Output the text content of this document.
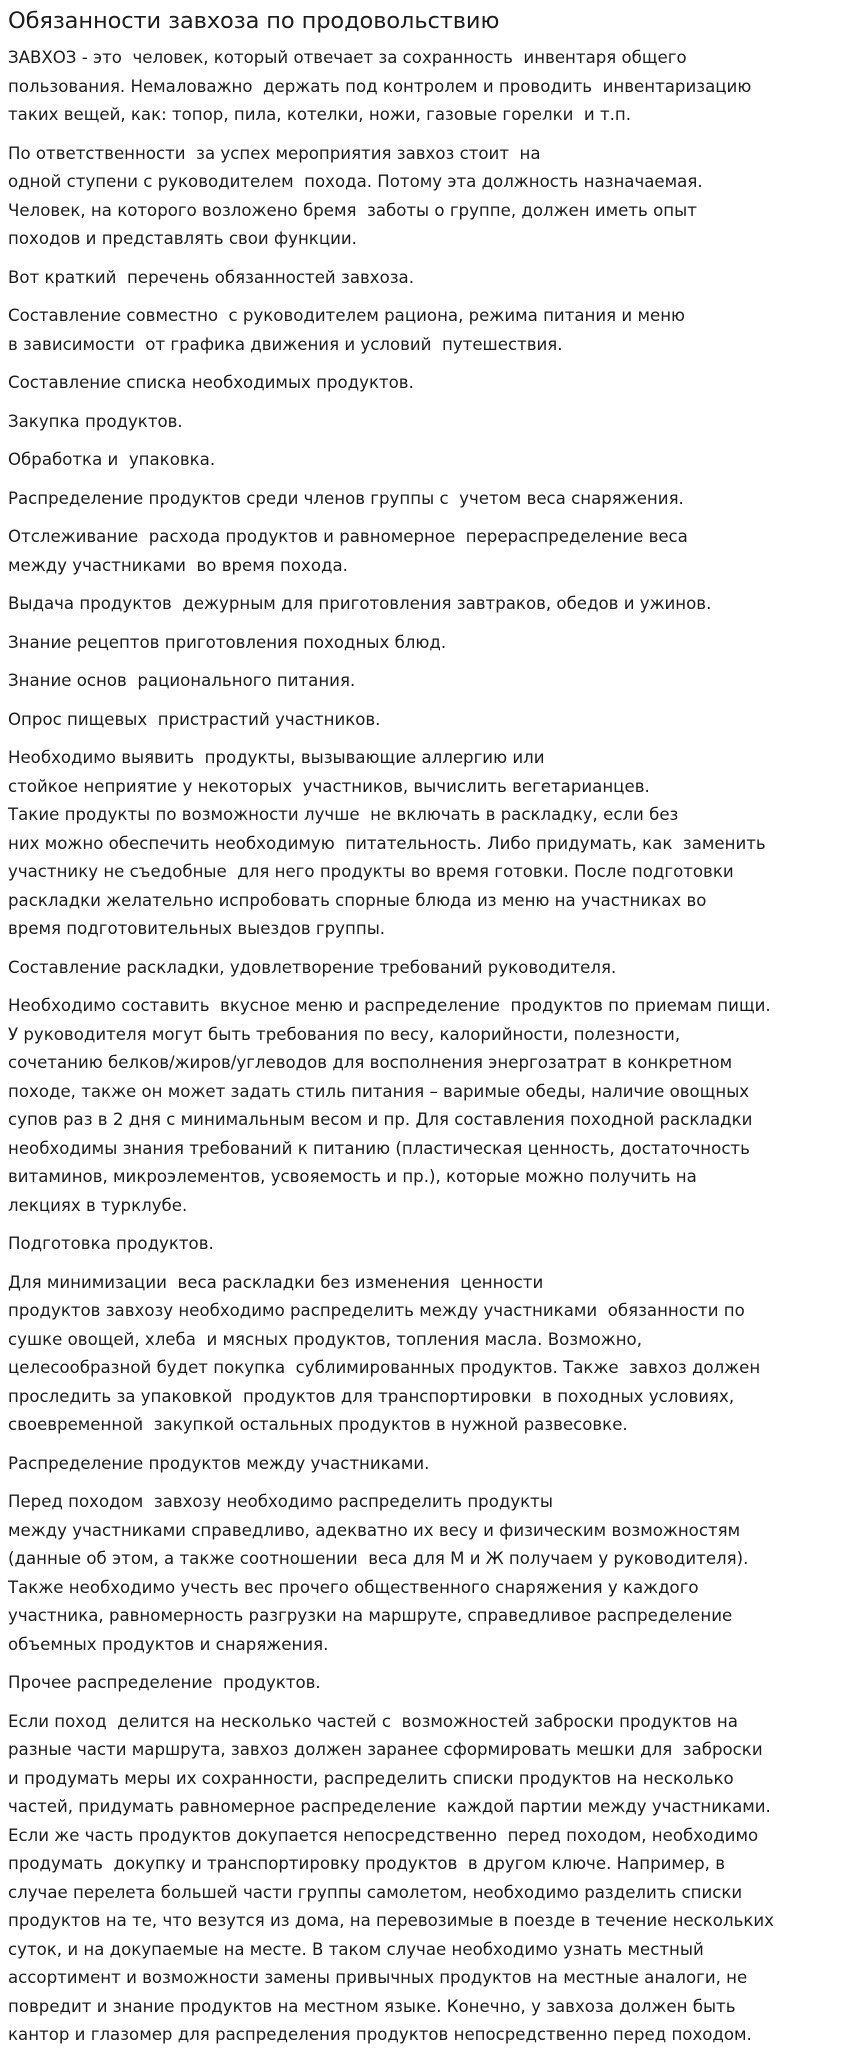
Обязанности завхоза по продовольствию

ЗАВХОЗ - это  человек, который отвечает за сохранность  инвентаря общего
пользования. Немаловажно  держать под контролем и проводить  инвентаризацию
таких вещей, как: топор, пила, котелки, ножи, газовые горелки  и т.п.

По ответственности  за успех мероприятия завхоз стоит  на
одной ступени с руководителем  похода. Потому эта должность назначаемая.
Человек, на которого возложено бремя  заботы о группе, должен иметь опыт
походов и представлять свои функции.

Вот краткий  перечень обязанностей завхоза.

Составление совместно  с руководителем рациона, режима питания и меню
в зависимости  от графика движения и условий  путешествия.

Составление списка необходимых продуктов.

Закупка продуктов.

Обработка и  упаковка.

Распределение продуктов среди членов группы с  учетом веса снаряжения.

Отслеживание  расхода продуктов и равномерное  перераспределение веса
между участниками  во время похода.

Выдача продуктов  дежурным для приготовления завтраков, обедов и ужинов.

Знание рецептов приготовления походных блюд.

Знание основ  рационального питания.

Опрос пищевых  пристрастий участников.

Необходимо выявить  продукты, вызывающие аллергию или
стойкое неприятие у некоторых  участников, вычислить вегетарианцев.
Такие продукты по возможности лучше  не включать в раскладку, если без
них можно обеспечить необходимую  питательность. Либо придумать, как  заменить
участнику не съедобные  для него продукты во время готовки. После подготовки
раскладки желательно испробовать спорные блюда из меню на участниках во
время подготовительных выездов группы.

Составление раскладки, удовлетворение требований руководителя.

Необходимо составить  вкусное меню и распределение  продуктов по приемам пищи.
У руководителя могут быть требования по весу, калорийности, полезности,
сочетанию белков/жиров/углеводов для восполнения энергозатрат в конкретном
походе, также он может задать стиль питания – варимые обеды, наличие овощных
супов раз в 2 дня с минимальным весом и пр. Для составления походной раскладки
необходимы знания требований к питанию (пластическая ценность, достаточность
витаминов, микроэлементов, усвояемость и пр.), которые можно получить на
лекциях в турклубе.

Подготовка продуктов.

Для минимизации  веса раскладки без изменения  ценности
продуктов завхозу необходимо распределить между участниками  обязанности по
сушке овощей, хлеба  и мясных продуктов, топления масла. Возможно,
целесообразной будет покупка  сублимированных продуктов. Также  завхоз должен
проследить за упаковкой  продуктов для транспортировки  в походных условиях,
своевременной  закупкой остальных продуктов в нужной развесовке.

Распределение продуктов между участниками.

Перед походом  завхозу необходимо распределить продукты
между участниками справедливо, адекватно их весу и физическим возможностям
(данные об этом, а также соотношении  веса для М и Ж получаем у руководителя).
Также необходимо учесть вес прочего общественного снаряжения у каждого
участника, равномерность разгрузки на маршруте, справедливое распределение
объемных продуктов и снаряжения.

Прочее распределение  продуктов.

Если поход  делится на несколько частей с  возможностей заброски продуктов на
разные части маршрута, завхоз должен заранее сформировать мешки для  заброски
и продумать меры их сохранности, распределить списки продуктов на несколько
частей, придумать равномерное распределение  каждой партии между участниками.
Если же часть продуктов докупается непосредственно  перед походом, необходимо
продумать  докупку и транспортировку продуктов  в другом ключе. Например, в
случае перелета большей части группы самолетом, необходимо разделить списки
продуктов на те, что везутся из дома, на перевозимые в поезде в течение нескольких
суток, и на докупаемые на месте. В таком случае необходимо узнать местный
ассортимент и возможности замены привычных продуктов на местные аналоги, не
повредит и знание продуктов на местном языке. Конечно, у завхоза должен быть
кантор и глазомер для распределения продуктов непосредственно перед походом.
